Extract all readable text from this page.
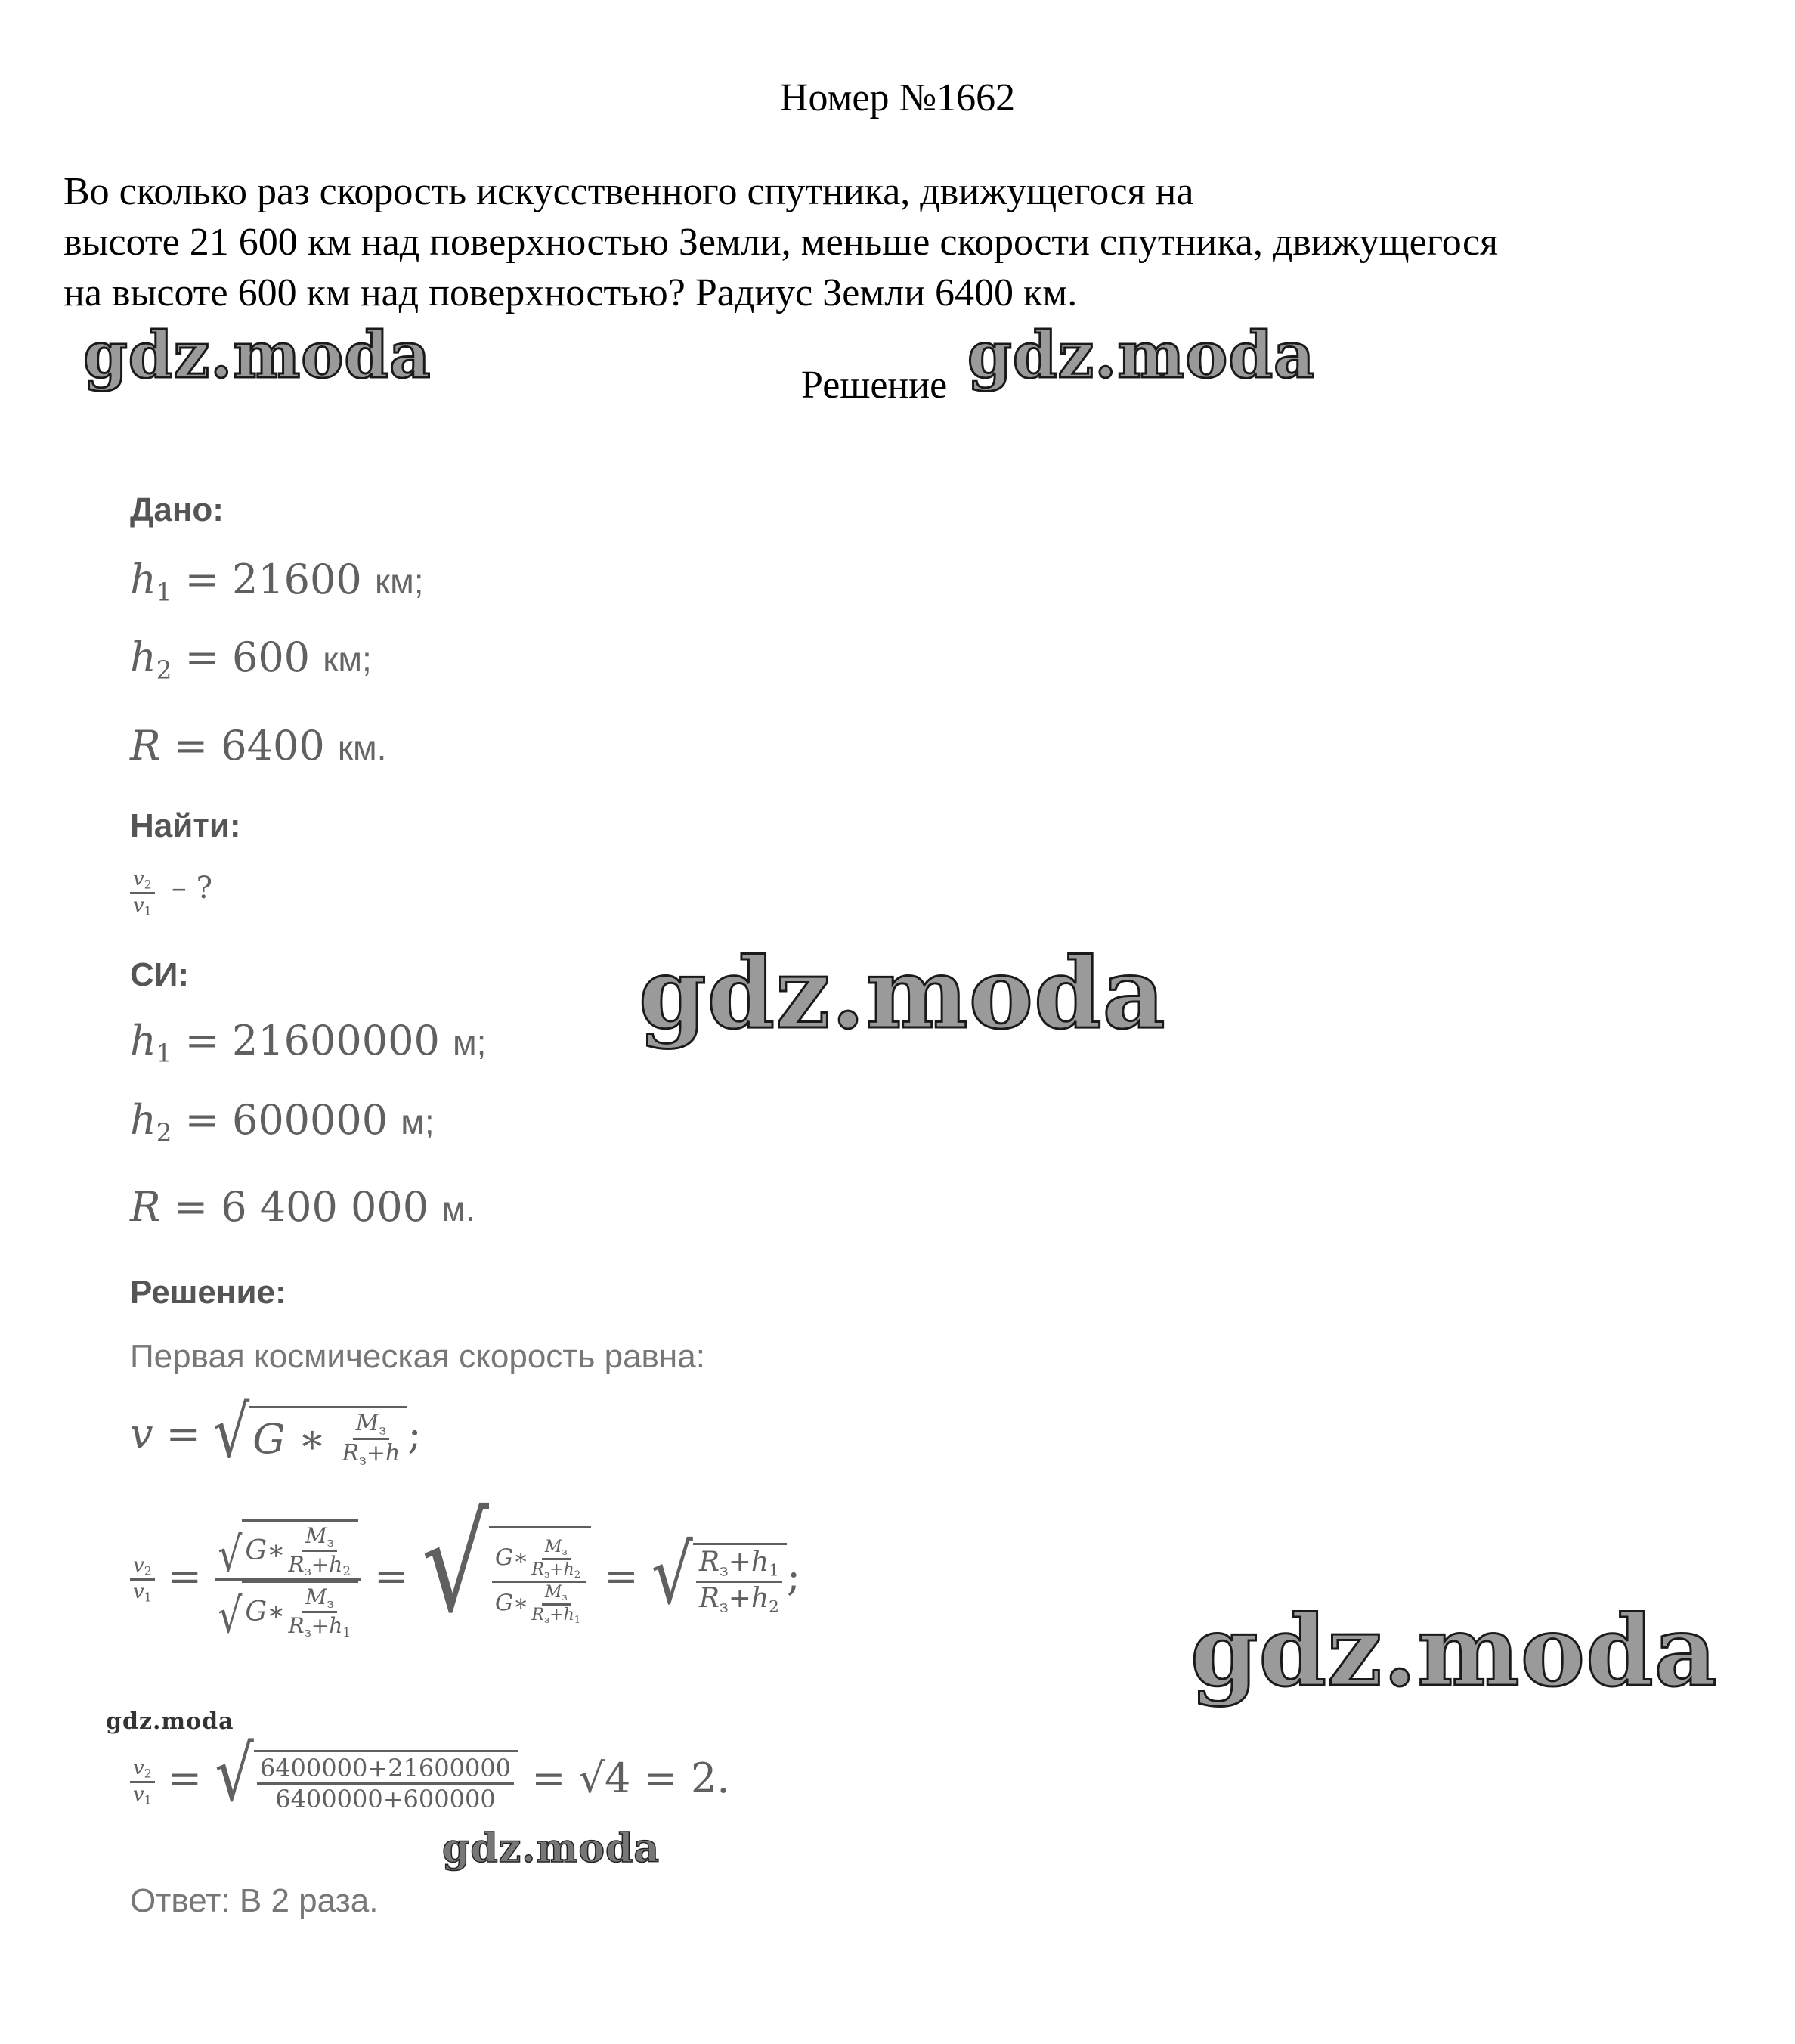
Номер №1662
Во сколько раз скорость искусственного спутника, движущегося на
высоте 21 600 км над поверхностью Земли, меньше скорости спутника, движущегося
на высоте 600 км над поверхностью? Радиус Земли 6400 км.
Решение
gdz.moda	gdz.moda
gdz.moda
gdz.moda
gdz.moda
gdz.moda
Дано:
$h_1 = 21600$ км;
$h_2 = 600$ км;
R = 6400 км.
Найти:
$\frac{v_2}{v_1}$ – ?
СИ:
$h_1 = 21600000$ м;
$h_2 = 600000$ м;
R = 6 400 000 м.
Решение:
Первая космическая скорость равна:
v = √ G ∗ $\frac{M_з}{R_з+h}$ ;
$\frac{v_2}{v_1} = \frac{√ G ∗ \frac{M_з}{R_з+h_2}}{√ G ∗ \frac{M_з}{R_з+h_1}}$ = √ $\frac{G∗ \frac{M_з}{R_з+h_2}}{G∗ \frac{M_з}{R_з+h_1}}$ = √ $\frac{R_з+h_1}{R_з+h_2}$ ;
$\frac{v_2}{v_1}$ = √ $\frac{6400000+21600000}{6400000+600000} = √4 = 2$.
Ответ: В 2 раза.
